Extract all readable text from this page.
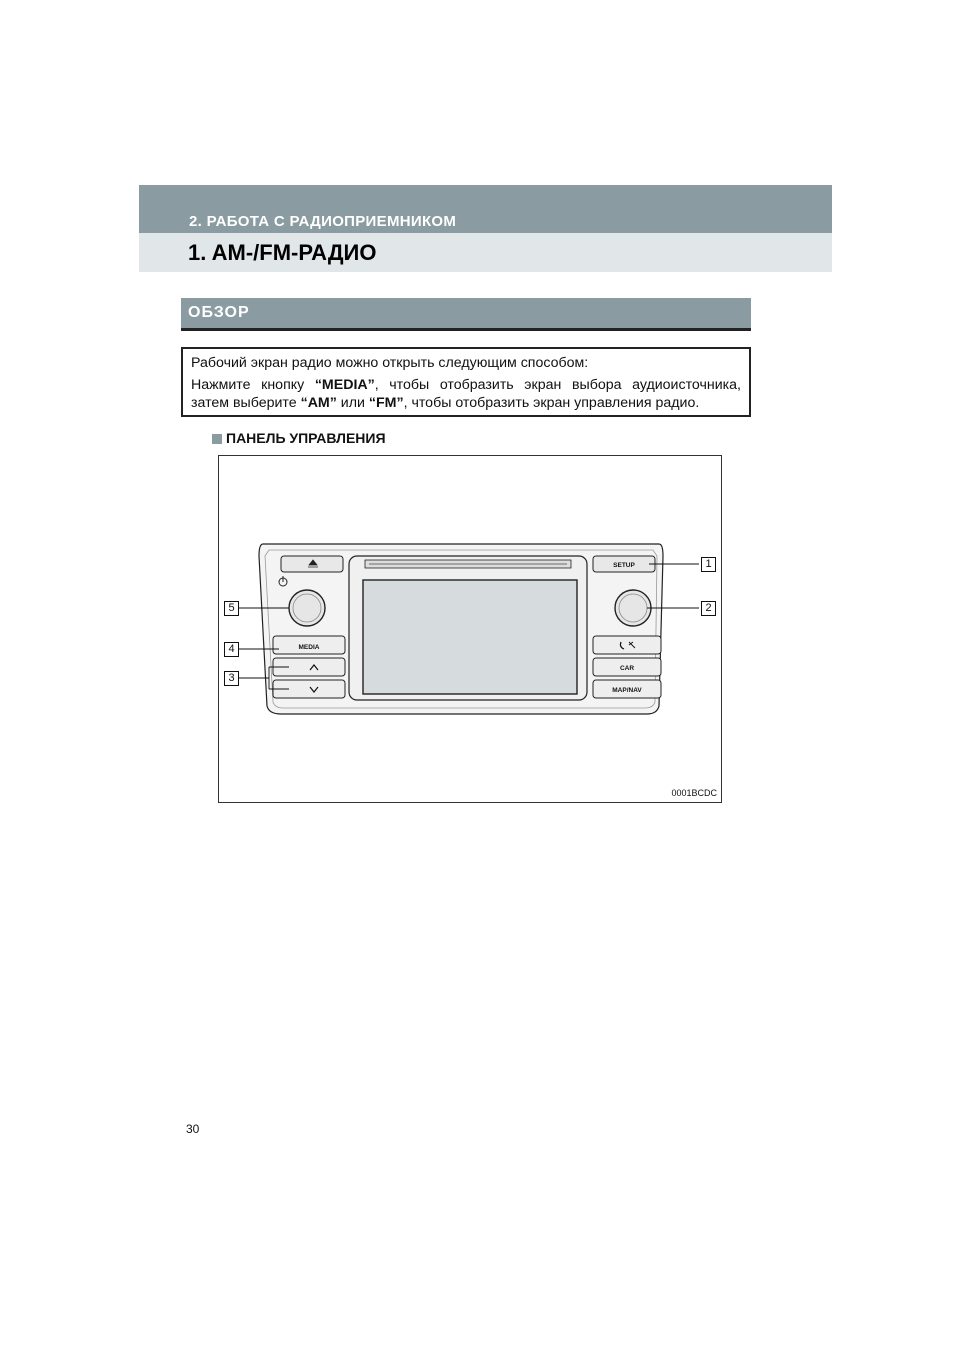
2. РАБОТА С РАДИОПРИЕМНИКОМ
1. AM-/FM-РАДИО
ОБЗОР

Рабочий экран радио можно открыть следующим способом:

Нажмите кнопку “MEDIA”, чтобы отобразить экран выбора аудиоисточника,

затем выберите “AM” или “FM”, чтобы отобразить экран управления радио.

ПАНЕЛЬ УПРАВЛЕНИЯ
MEDIA
SETUP
CAR
MAP/NAV
1
2
3
4
5
0001BCDC
30
